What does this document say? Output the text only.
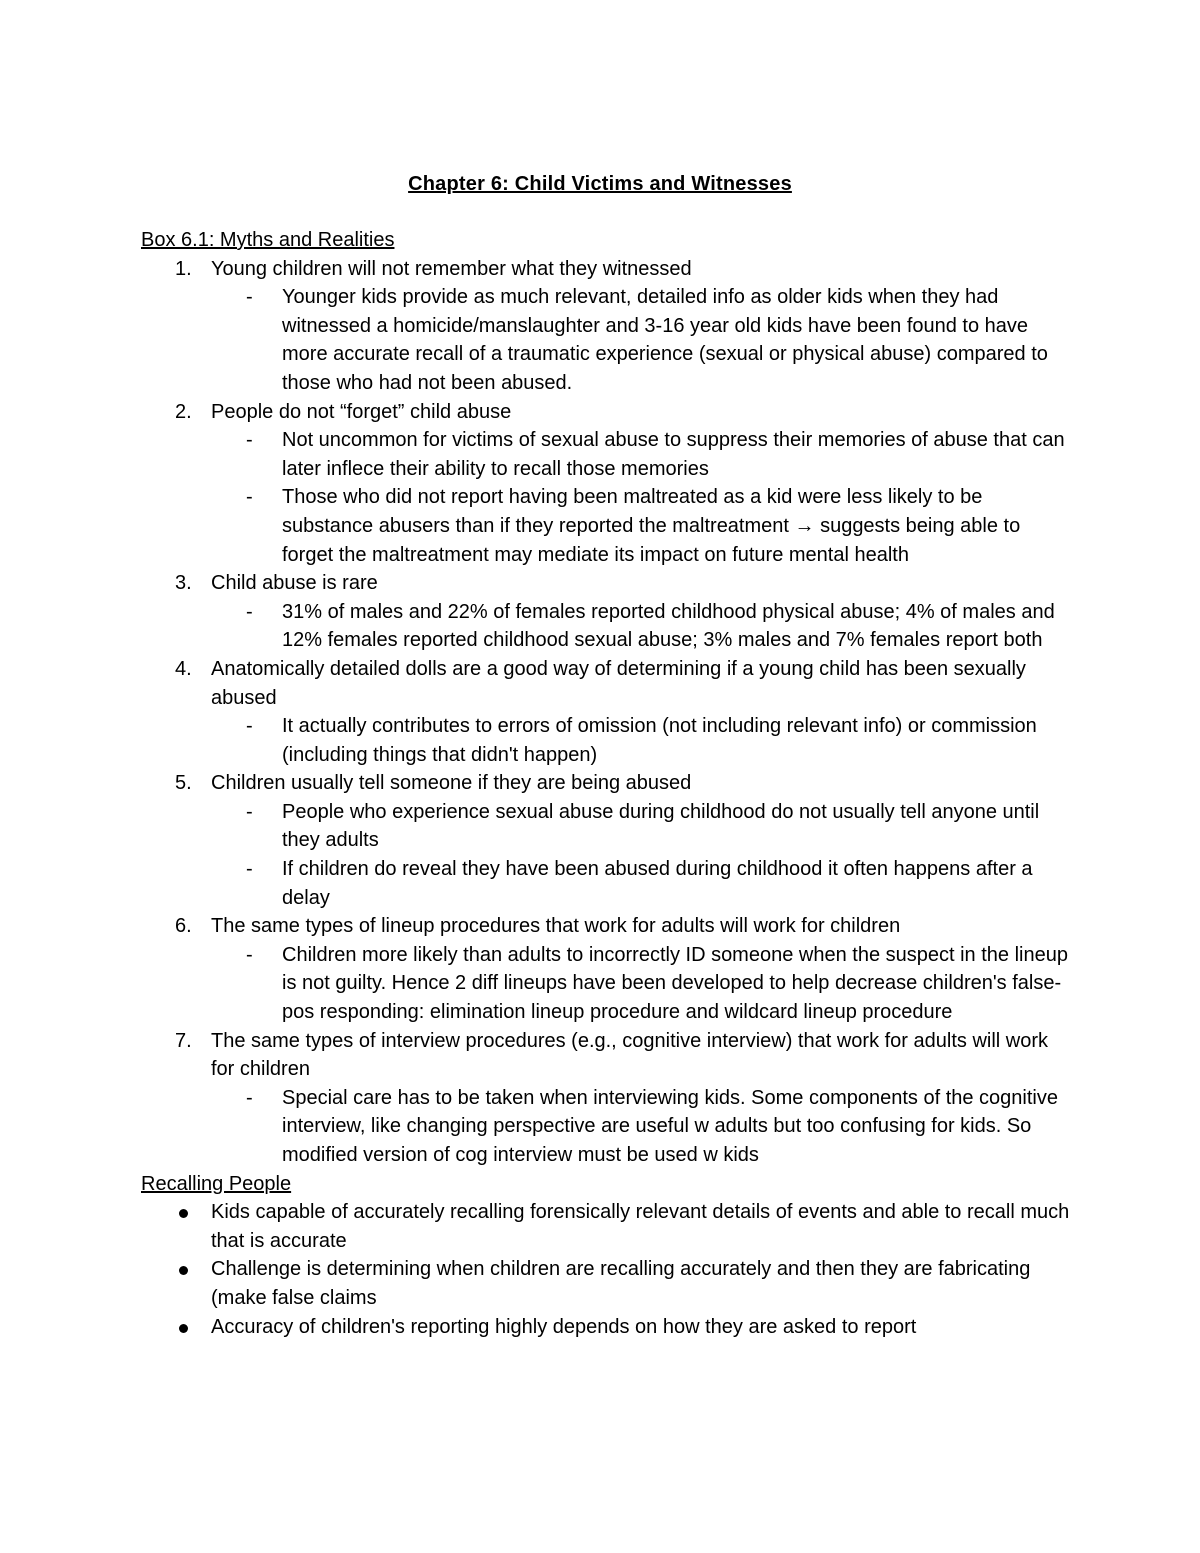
Chapter 6: Child Victims and Witnesses
Box 6.1: Myths and Realities
1. Young children will not remember what they witnessed
- Younger kids provide as much relevant, detailed info as older kids when they had witnessed a homicide/manslaughter and 3-16 year old kids have been found to have more accurate recall of a traumatic experience (sexual or physical abuse) compared to those who had not been abused.
2. People do not “forget” child abuse
- Not uncommon for victims of sexual abuse to suppress their memories of abuse that can later inflece their ability to recall those memories
- Those who did not report having been maltreated as a kid were less likely to be substance abusers than if they reported the maltreatment → suggests being able to forget the maltreatment may mediate its impact on future mental health
3. Child abuse is rare
- 31% of males and 22% of females reported childhood physical abuse; 4% of males and 12% females reported childhood sexual abuse; 3% males and 7% females report both
4. Anatomically detailed dolls are a good way of determining if a young child has been sexually abused
- It actually contributes to errors of omission (not including relevant info) or commission (including things that didn't happen)
5. Children usually tell someone if they are being abused
- People who experience sexual abuse during childhood do not usually tell anyone until they adults
- If children do reveal they have been abused during childhood it often happens after a delay
6. The same types of lineup procedures that work for adults will work for children
- Children more likely than adults to incorrectly ID someone when the suspect in the lineup is not guilty. Hence 2 diff lineups have been developed to help decrease children's false-pos responding: elimination lineup procedure and wildcard lineup procedure
7. The same types of interview procedures (e.g., cognitive interview) that work for adults will work for children
- Special care has to be taken when interviewing kids. Some components of the cognitive interview, like changing perspective are useful w adults but too confusing for kids. So modified version of cog interview must be used w kids
Recalling People
Kids capable of accurately recalling forensically relevant details of events and able to recall much that is accurate
Challenge is determining when children are recalling accurately and then they are fabricating (make false claims
Accuracy of children's reporting highly depends on how they are asked to report
